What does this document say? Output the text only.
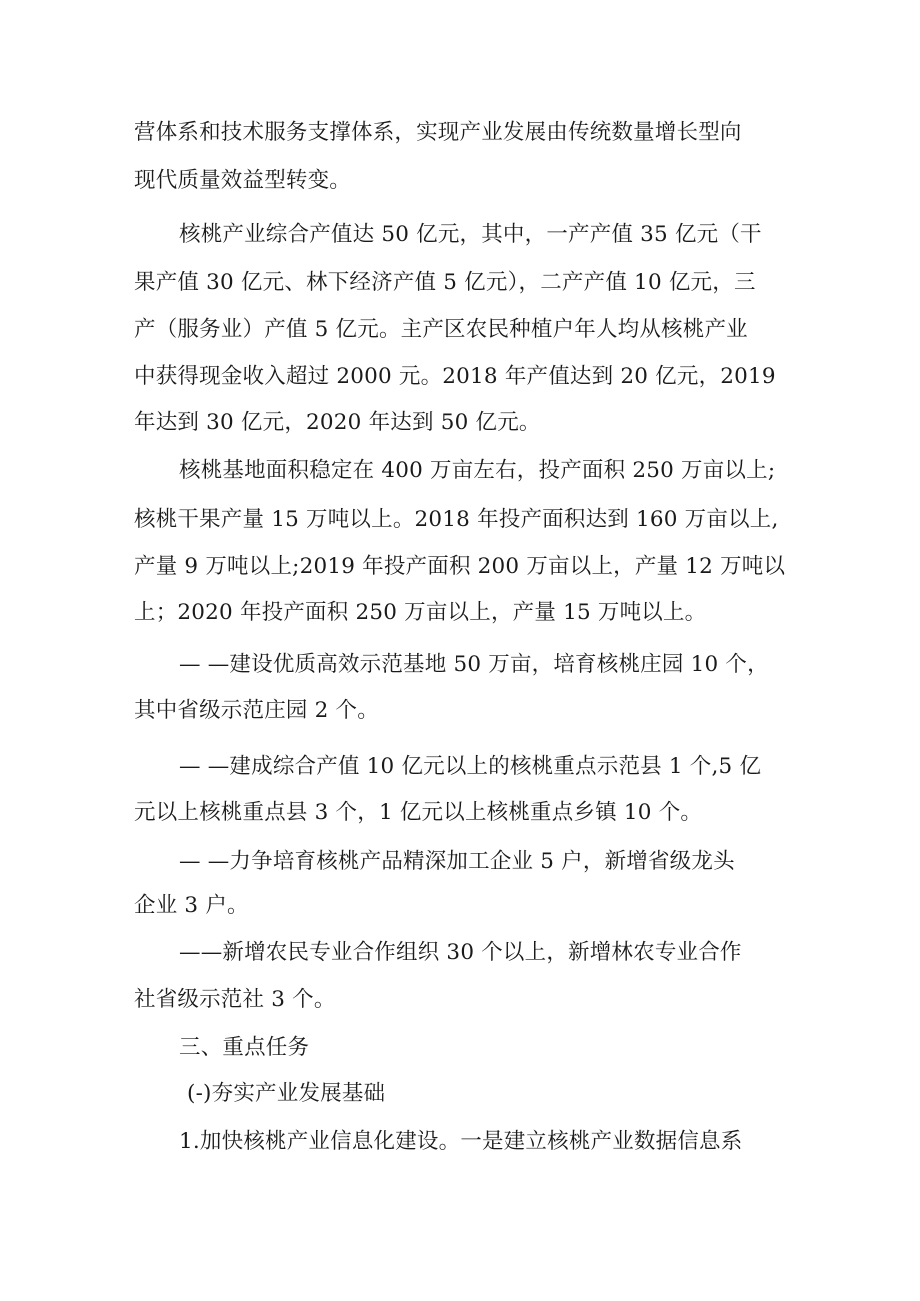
营体系和技术服务支撑体系，实现产业发展由传统数量增长型向
现代质量效益型转变。
核桃产业综合产值达 50 亿元，其中，一产产值 35 亿元（干
果产值 30 亿元、林下经济产值 5 亿元），二产产值 10 亿元，三
产（服务业）产值 5 亿元。主产区农民种植户年人均从核桃产业
中获得现金收入超过 2000 元。2018 年产值达到 20 亿元，2019
年达到 30 亿元，2020 年达到 50 亿元。
核桃基地面积稳定在 400 万亩左右，投产面积 250 万亩以上;
核桃干果产量 15 万吨以上。2018 年投产面积达到 160 万亩以上,
产量 9 万吨以上;2019 年投产面积 200 万亩以上，产量 12 万吨以
上；2020 年投产面积 250 万亩以上，产量 15 万吨以上。
— —建设优质高效示范基地 50 万亩，培育核桃庄园 10 个，
其中省级示范庄园 2 个。
— —建成综合产值 10 亿元以上的核桃重点示范县 1 个,5 亿
元以上核桃重点县 3 个，1 亿元以上核桃重点乡镇 10 个。
— —力争培育核桃产品精深加工企业 5 户，新增省级龙头
企业 3 户。
——新增农民专业合作组织 30 个以上，新增林农专业合作
社省级示范社 3 个。
三、重点任务
(-)夯实产业发展基础
1.加快核桃产业信息化建设。一是建立核桃产业数据信息系
